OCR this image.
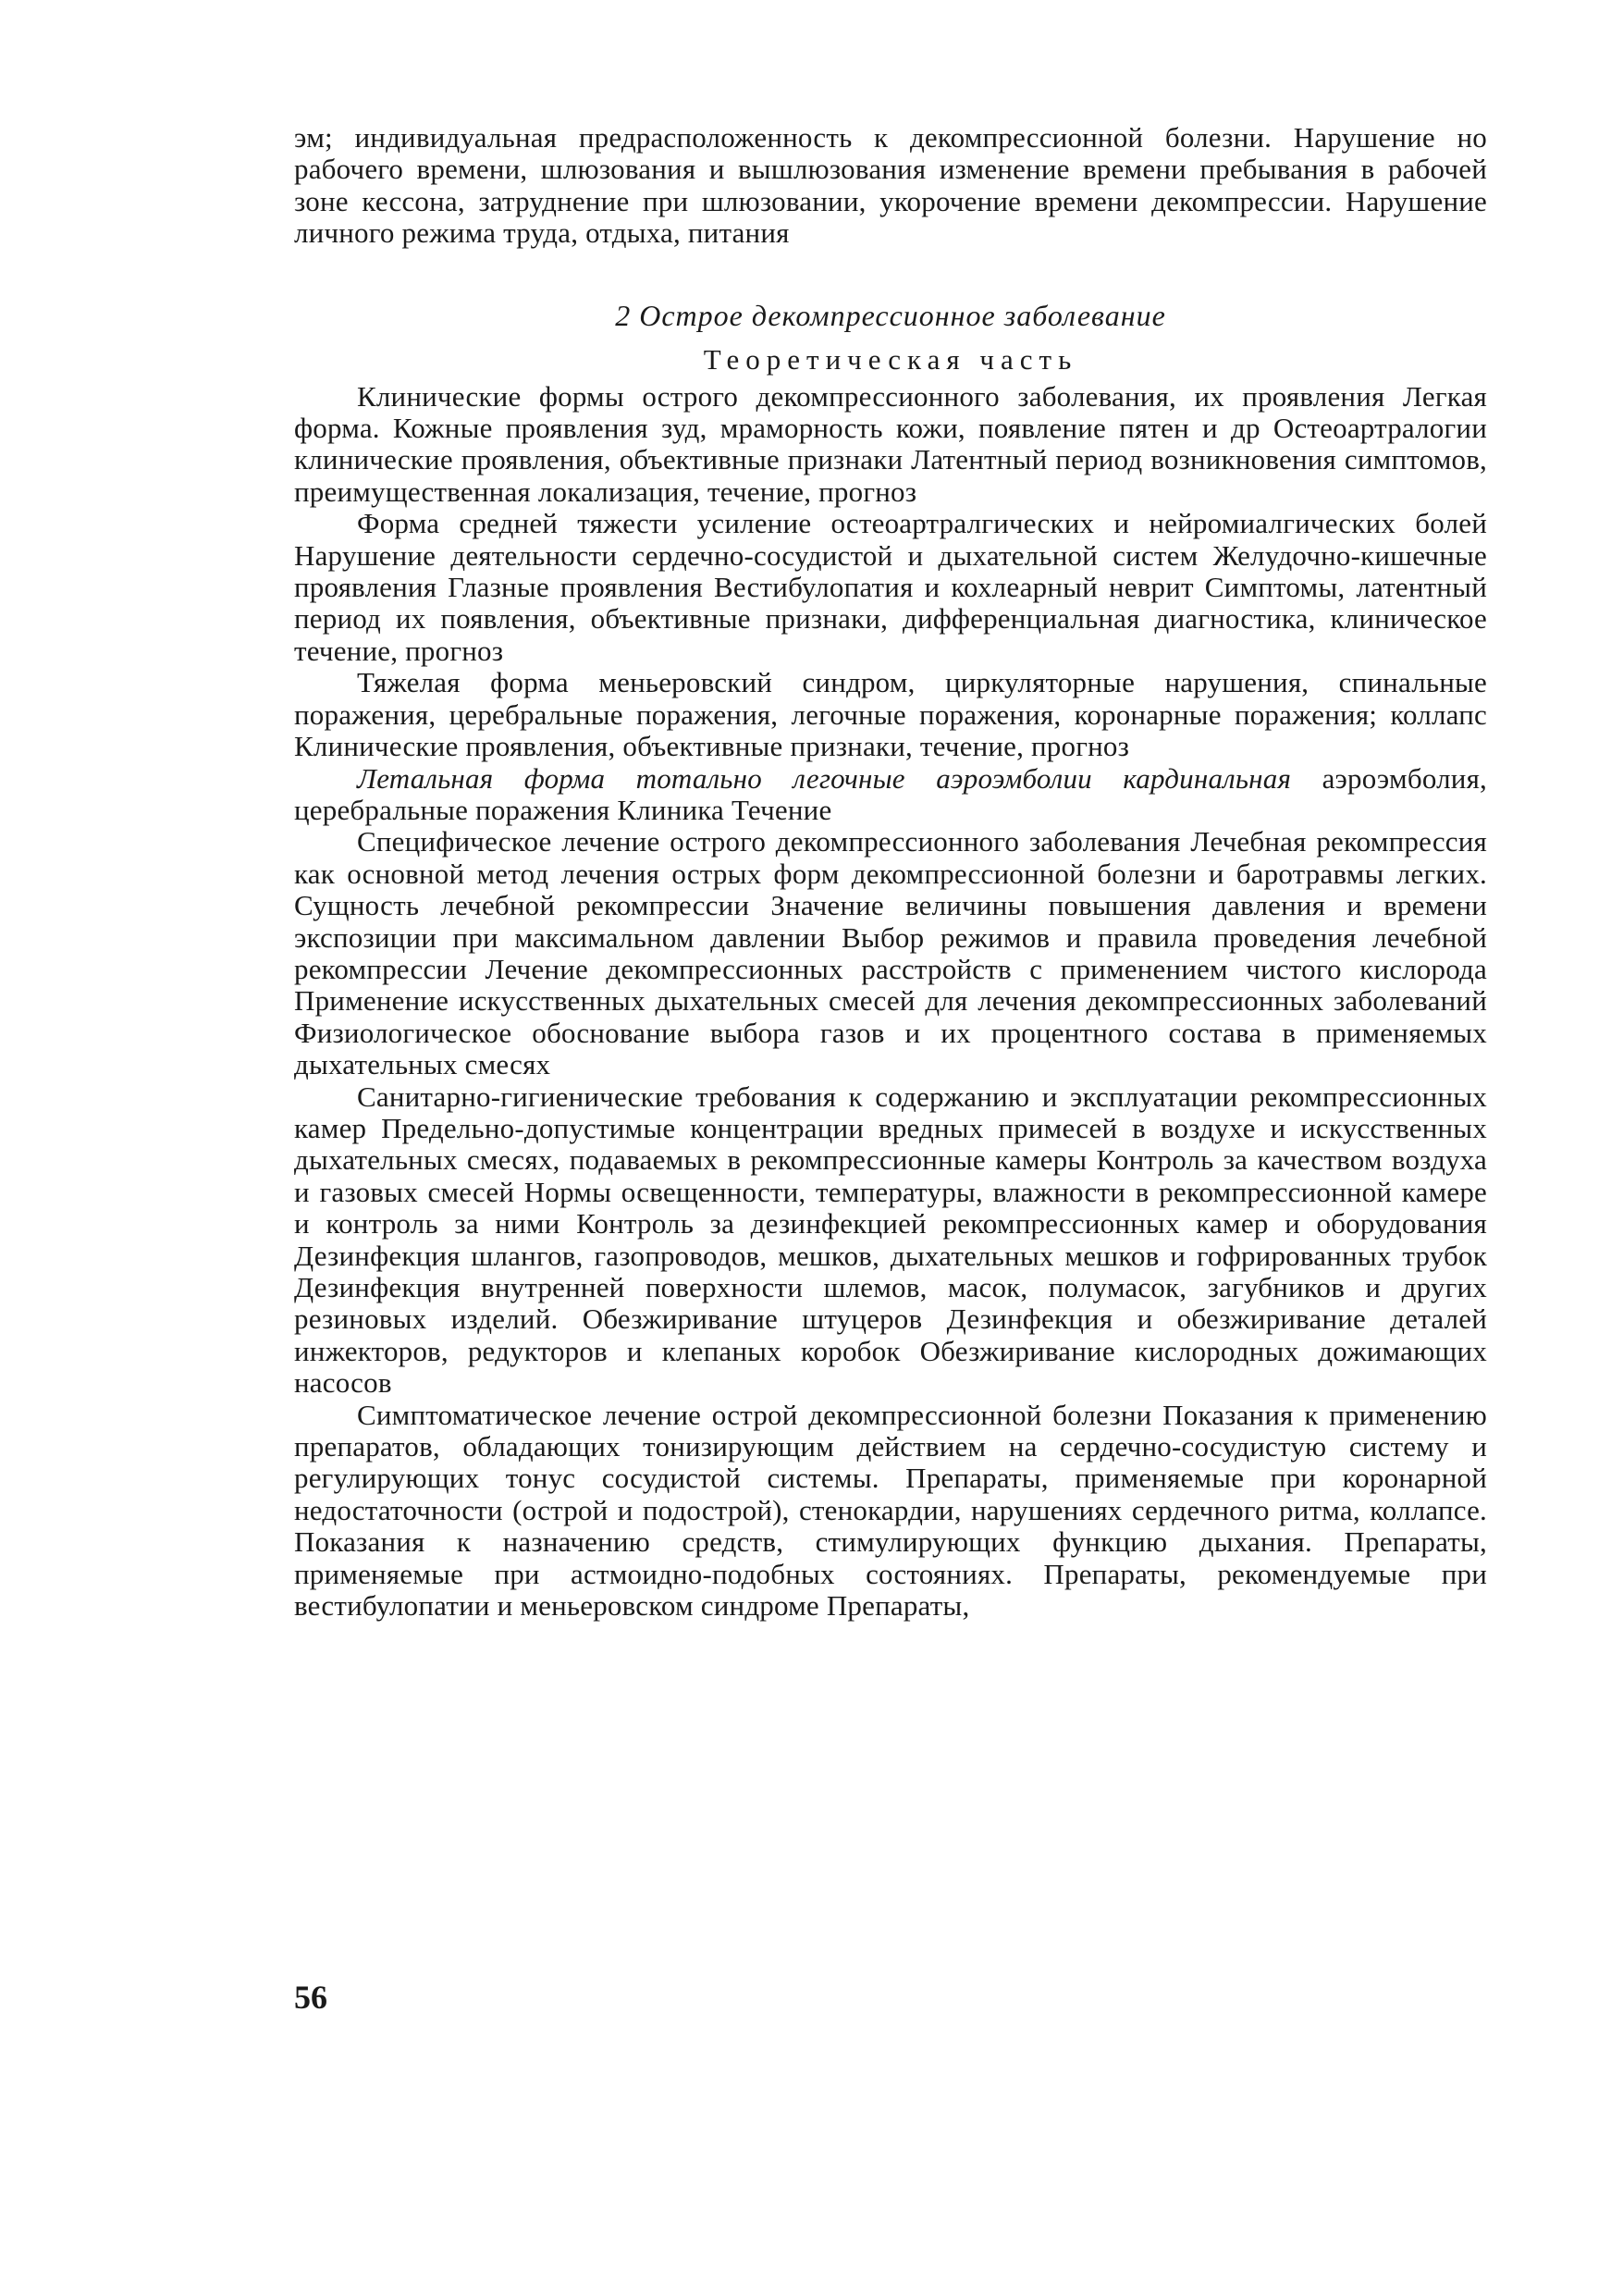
эм; индивидуальная предрасположенность к декомпрессионной болезни. Нарушение но рабочего времени, шлюзования и вышлюзования изменение времени пребывания в рабочей зоне кессона, затруднение при шлюзовании, укорочение времени декомпрессии. Нарушение личного режима труда, отдыха, питания

2 Острое декомпрессионное заболевание
Теоретическая часть

Клинические формы острого декомпрессионного заболевания, их проявления Легкая форма. Кожные проявления зуд, мраморность кожи, появление пятен и др Остеоартралогии клинические проявления, объективные признаки Латентный период возникновения симптомов, преимущественная локализация, течение, прогноз

Форма средней тяжести усиление остеоартралгических и нейромиалгических болей Нарушение деятельности сердечно-сосудистой и дыхательной систем Желудочно-кишечные проявления Глазные проявления Вестибулопатия и кохлеарный неврит Симптомы, латентный период их появления, объективные признаки, дифференциальная диагностика, клиническое течение, прогноз

Тяжелая форма меньеровский синдром, циркуляторные нарушения, спинальные поражения, церебральные поражения, легочные поражения, коронарные поражения; коллапс Клинические проявления, объективные признаки, течение, прогноз

Летальная форма тотально легочные аэроэмболии кардинальная аэроэмболия, церебральные поражения Клиника Течение

Специфическое лечение острого декомпрессионного заболевания Лечебная рекомпрессия как основной метод лечения острых форм декомпрессионной болезни и баротравмы легких. Сущность лечебной рекомпрессии Значение величины повышения давления и времени экспозиции при максимальном давлении Выбор режимов и правила проведения лечебной рекомпрессии Лечение декомпрессионных расстройств с применением чистого кислорода Применение искусственных дыхательных смесей для лечения декомпрессионных заболеваний Физиологическое обоснование выбора газов и их процентного состава в применяемых дыхательных смесях

Санитарно-гигиенические требования к содержанию и эксплуатации рекомпрессионных камер Предельно-допустимые концентрации вредных примесей в воздухе и искусственных дыхательных смесях, подаваемых в рекомпрессионные камеры Контроль за качеством воздуха и газовых смесей Нормы освещенности, температуры, влажности в рекомпрессионной камере и контроль за ними Контроль за дезинфекцией рекомпрессионных камер и оборудования Дезинфекция шлангов, газопроводов, мешков, дыхательных мешков и гофрированных трубок Дезинфекция внутренней поверхности шлемов, масок, полумасок, загубников и других резиновых изделий. Обезжиривание штуцеров Дезинфекция и обезжиривание деталей инжекторов, редукторов и клепаных коробок Обезжиривание кислородных дожимающих насосов

Симптоматическое лечение острой декомпрессионной болезни Показания к применению препаратов, обладающих тонизирующим действием на сердечно-сосудистую систему и регулирующих тонус сосудистой системы. Препараты, применяемые при коронарной недостаточности (острой и подострой), стенокардии, нарушениях сердечного ритма, коллапсе. Показания к назначению средств, стимулирующих функцию дыхания. Препараты, применяемые при астмоидно-подобных состояниях. Препараты, рекомендуемые при вестибулопатии и меньеровском синдроме Препараты,

56
